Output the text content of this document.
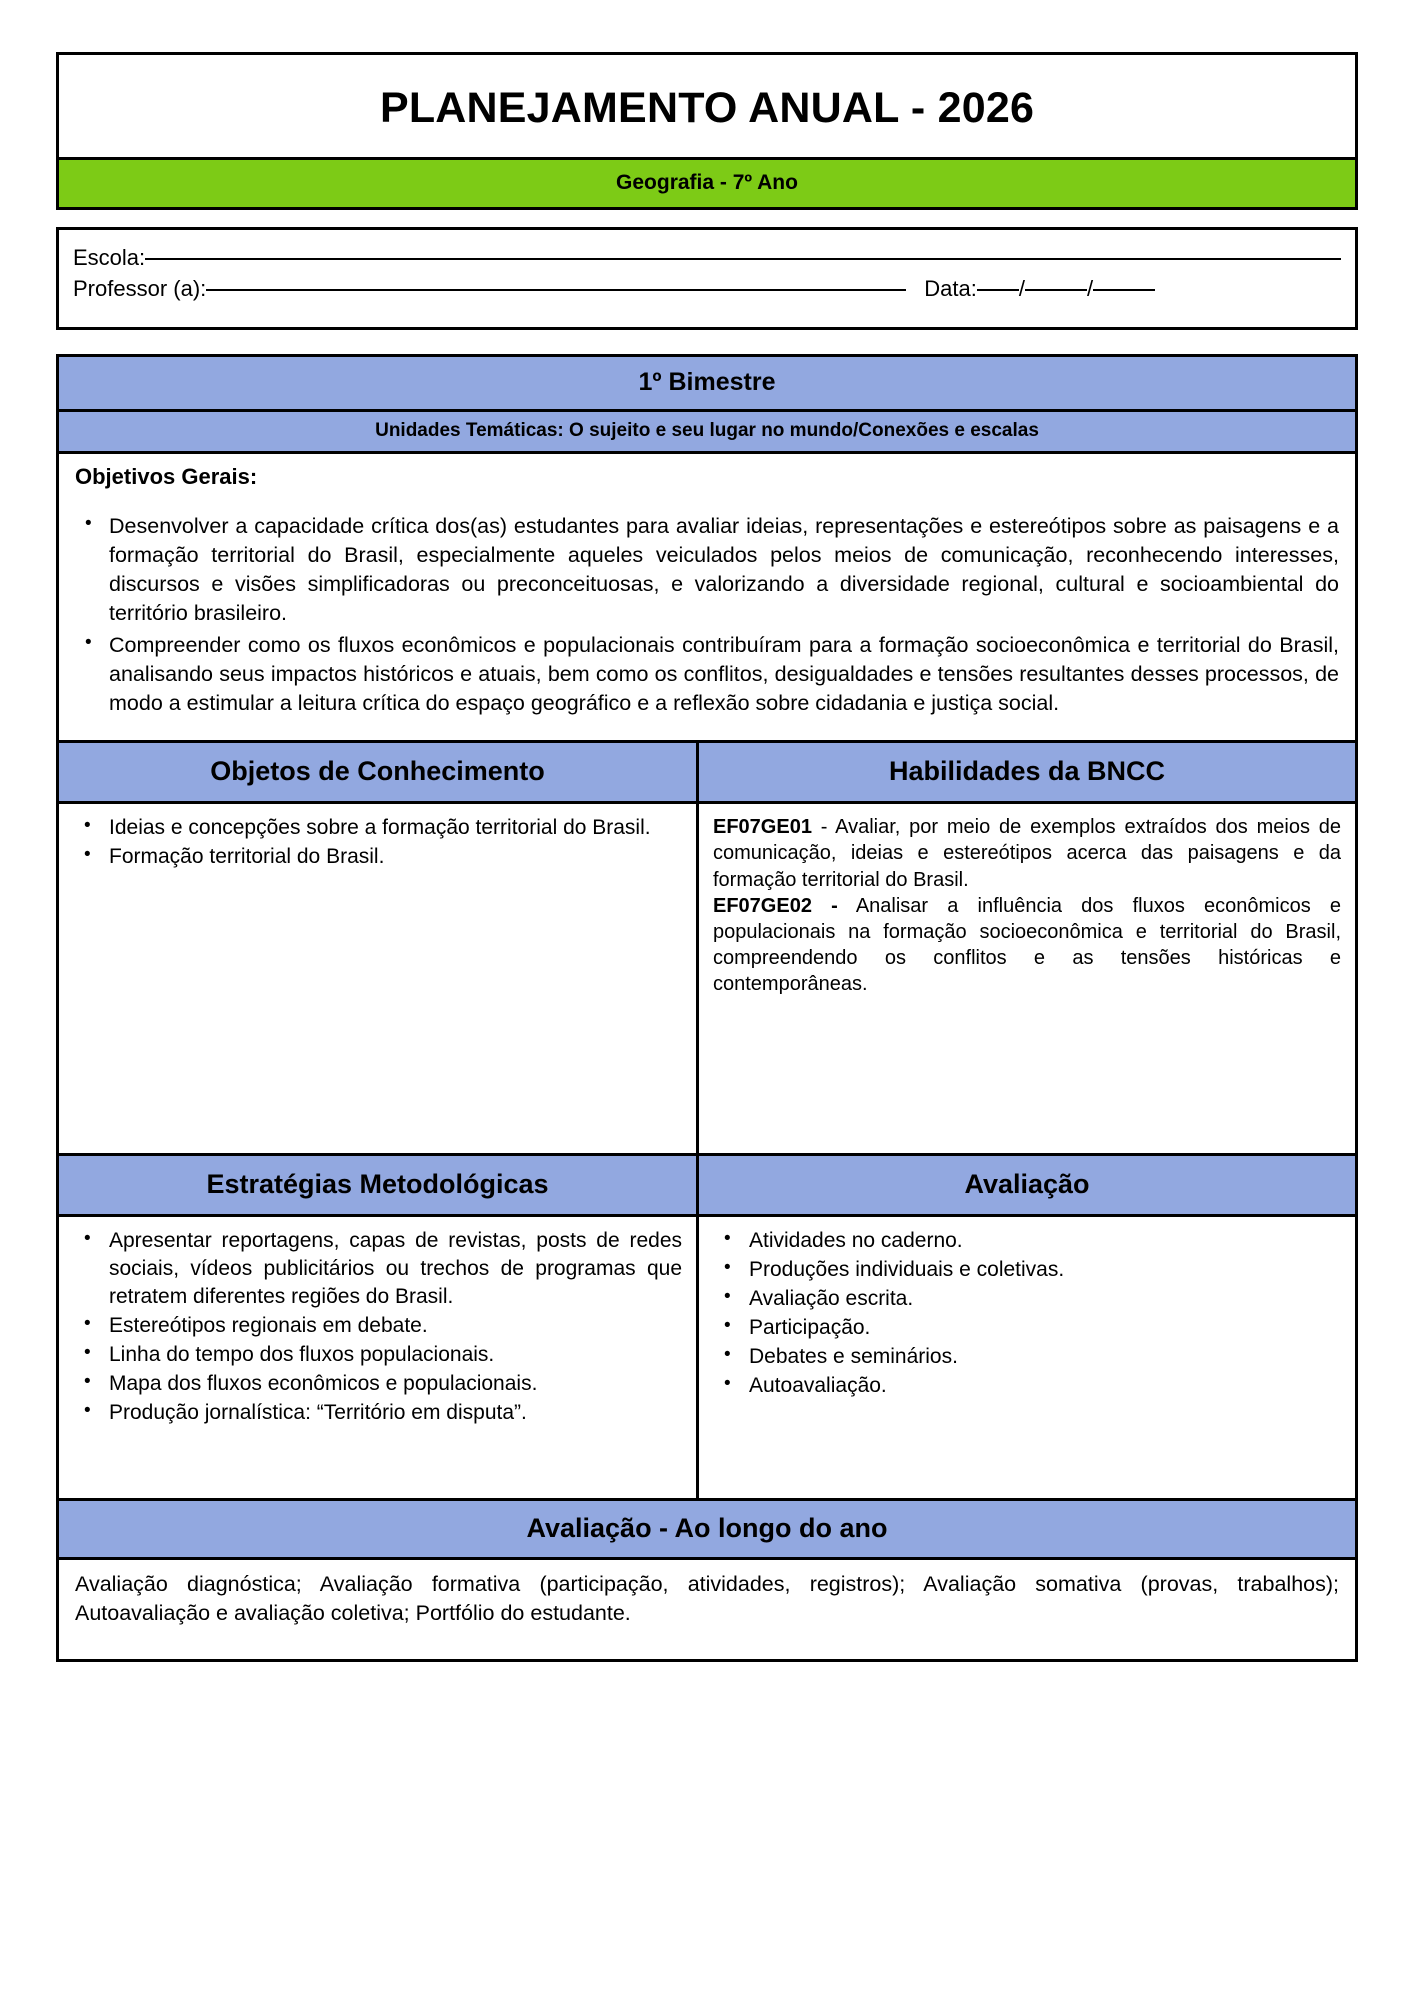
PLANEJAMENTO ANUAL - 2026
Geografia - 7º Ano
Escola:
Professor (a):	Data: /	/
1º Bimestre
Unidades Temáticas: O sujeito e seu lugar no mundo/Conexões e escalas
Objetivos Gerais:
• Desenvolver a capacidade crítica dos(as) estudantes para avaliar ideias, representações e estereótipos sobre as paisagens e a formação territorial do Brasil, especialmente aqueles veiculados pelos meios de comunicação, reconhecendo interesses, discursos e visões simplificadoras ou preconceituosas, e valorizando a diversidade regional, cultural e socioambiental do território brasileiro.
• Compreender como os fluxos econômicos e populacionais contribuíram para a formação socioeconômica e territorial do Brasil, analisando seus impactos históricos e atuais, bem como os conflitos, desigualdades e tensões resultantes desses processos, de modo a estimular a leitura crítica do espaço geográfico e a reflexão sobre cidadania e justiça social.
Objetos de Conhecimento
• Ideias e concepções sobre a formação territorial do Brasil.
• Formação territorial do Brasil.
Habilidades da BNCC
EF07GE01 - Avaliar, por meio de exemplos extraídos dos meios de comunicação, ideias e estereótipos acerca das paisagens e da formação territorial do Brasil.
EF07GE02 - Analisar a influência dos fluxos econômicos e populacionais na formação socioeconômica e territorial do Brasil, compreendendo os conflitos e as tensões históricas e contemporâneas.
Estratégias Metodológicas
• Apresentar reportagens, capas de revistas, posts de redes sociais, vídeos publicitários ou trechos de programas que retratem diferentes regiões do Brasil.
• Estereótipos regionais em debate.
• Linha do tempo dos fluxos populacionais.
• Mapa dos fluxos econômicos e populacionais.
• Produção jornalística: “Território em disputa”.
Avaliação
• Atividades no caderno.
• Produções individuais e coletivas.
• Avaliação escrita.
• Participação.
• Debates e seminários.
• Autoavaliação.
Avaliação - Ao longo do ano
Avaliação diagnóstica; Avaliação formativa (participação, atividades, registros); Avaliação somativa (provas, trabalhos); Autoavaliação e avaliação coletiva; Portfólio do estudante.
